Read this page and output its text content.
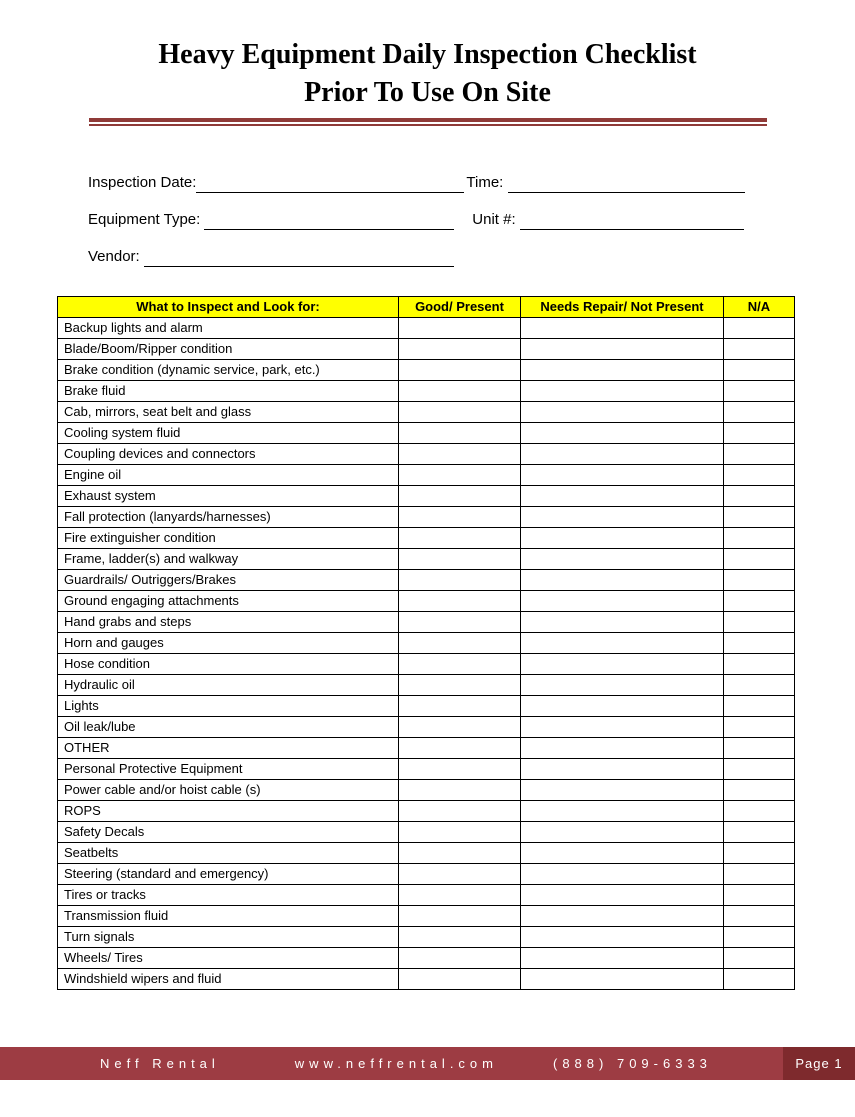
Heavy Equipment Daily Inspection Checklist
Prior To Use On Site
Inspection Date:	Time:
Equipment Type:	Unit #:
Vendor:
What to Inspect and Look for:	Good/ Present	Needs Repair/ Not Present	N/A
Backup lights and alarm			
Blade/Boom/Ripper condition			
Brake condition (dynamic service, park, etc.)			
Brake fluid			
Cab, mirrors, seat belt and glass			
Cooling system fluid			
Coupling devices and connectors			
Engine oil			
Exhaust system			
Fall protection (lanyards/harnesses)			
Fire extinguisher condition			
Frame, ladder(s) and walkway			
Guardrails/ Outriggers/Brakes			
Ground engaging attachments			
Hand grabs and steps			
Horn and gauges			
Hose condition			
Hydraulic oil			
Lights			
Oil leak/lube			
OTHER			
Personal Protective Equipment			
Power cable and/or hoist cable (s)			
ROPS			
Safety Decals			
Seatbelts			
Steering (standard and emergency)			
Tires or tracks			
Transmission fluid			
Turn signals			
Wheels/ Tires			
Windshield wipers and fluid			
Neff Rental	www.neffrental.com	(888) 709-6333	Page 1
